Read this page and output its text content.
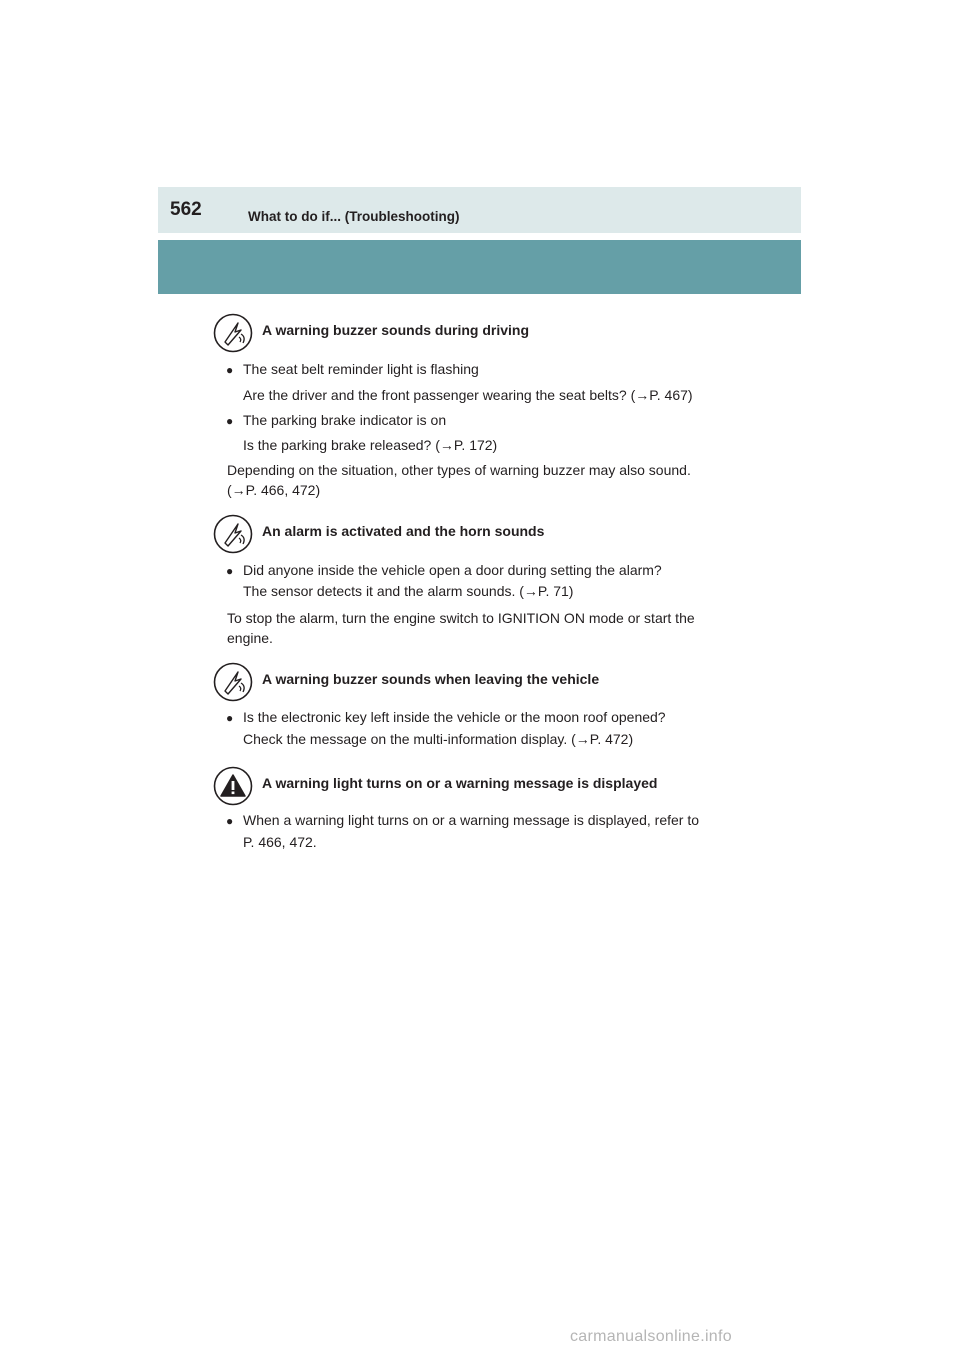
562	What to do if... (Troubleshooting)
A warning buzzer sounds during driving
● The seat belt reminder light is flashing
Are the driver and the front passenger wearing the seat belts? (→P. 467)
● The parking brake indicator is on
Is the parking brake released? (→P. 172)
Depending on the situation, other types of warning buzzer may also sound.
(→P. 466, 472)
An alarm is activated and the horn sounds
● Did anyone inside the vehicle open a door during setting the alarm?
The sensor detects it and the alarm sounds. (→P. 71)
To stop the alarm, turn the engine switch to IGNITION ON mode or start the
engine.
A warning buzzer sounds when leaving the vehicle
● Is the electronic key left inside the vehicle or the moon roof opened?
Check the message on the multi-information display. (→P. 472)
A warning light turns on or a warning message is displayed
● When a warning light turns on or a warning message is displayed, refer to
P. 466, 472.
carmanualsonline.info
